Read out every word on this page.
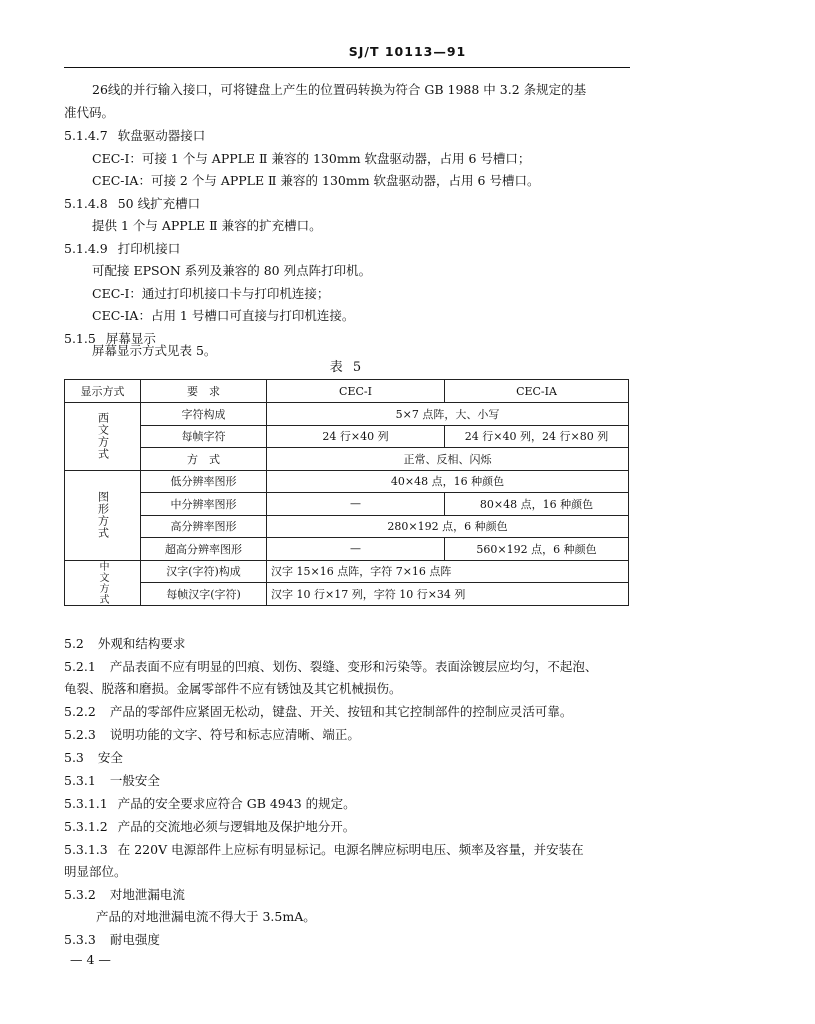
SJ/T 10113—91
26线的并行输入接口，可将键盘上产生的位置码转换为符合 GB 1988 中 3.2 条规定的基
准代码。
5.1.4.7 软盘驱动器接口
CEC-I：可接 1 个与 APPLE Ⅱ 兼容的 130mm 软盘驱动器，占用 6 号槽口；
CEC-IA：可接 2 个与 APPLE Ⅱ 兼容的 130mm 软盘驱动器，占用 6 号槽口。
5.1.4.8 50 线扩充槽口
提供 1 个与 APPLE Ⅱ 兼容的扩充槽口。
5.1.4.9 打印机接口
可配接 EPSON 系列及兼容的 80 列点阵打印机。
CEC-I：通过打印机接口卡与打印机连接；
CEC-IA：占用 1 号槽口可直接与打印机连接。
5.1.5 屏幕显示
屏幕显示方式见表 5。
表 5
显示方式	要　求	CEC-I	CEC-IA

西文方式	字符构成	5×7 点阵，大、小写	
	每帧字符	24 行×40 列	24 行×40 列，24 行×80 列
	方　式	正常、反相、闪烁	

图形方式	低分辨率图形	40×48 点，16 种颜色	
	中分辨率图形	—	80×48 点，16 种颜色
	高分辨率图形	280×192 点，6 种颜色	
	超高分辨率图形	—	560×192 点，6 种颜色

中文方式	汉字(字符)构成	汉字 15×16 点阵，字符 7×16 点阵	
	每帧汉字(字符)	汉字 10 行×17 列，字符 10 行×34 列	
5.2 外观和结构要求
5.2.1 产品表面不应有明显的凹痕、划伤、裂缝、变形和污染等。表面涂镀层应均匀，不起泡、
龟裂、脱落和磨损。金属零部件不应有锈蚀及其它机械损伤。
5.2.2 产品的零部件应紧固无松动，键盘、开关、按钮和其它控制部件的控制应灵活可靠。
5.2.3 说明功能的文字、符号和标志应清晰、端正。
5.3 安全
5.3.1 一般安全
5.3.1.1 产品的安全要求应符合 GB 4943 的规定。
5.3.1.2 产品的交流地必须与逻辑地及保护地分开。
5.3.1.3 在 220V 电源部件上应标有明显标记。电源名牌应标明电压、频率及容量，并安装在
明显部位。
5.3.2 对地泄漏电流
产品的对地泄漏电流不得大于 3.5mA。
5.3.3 耐电强度
— 4 —
